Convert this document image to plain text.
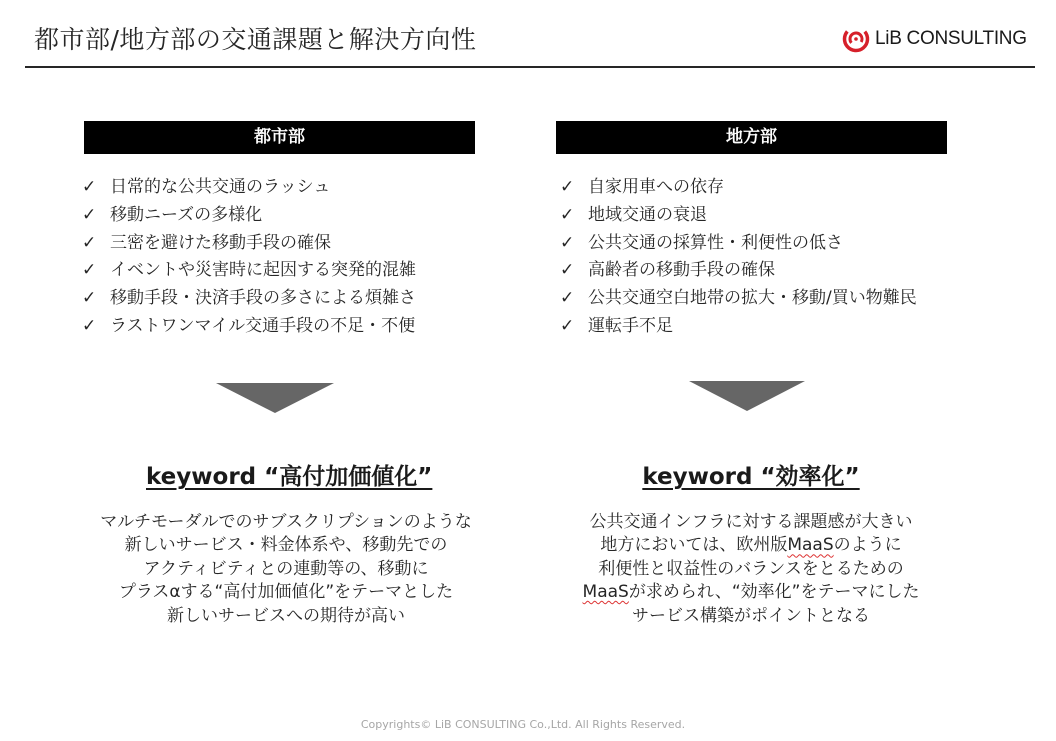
都市部/地方部の交通課題と解決方向性	LiB CONSULTING
都市部
✓ 日常的な公共交通のラッシュ
✓ 移動ニーズの多様化
✓ 三密を避けた移動手段の確保
✓ イベントや災害時に起因する突発的混雑
✓ 移動手段・決済手段の多さによる煩雑さ
✓ ラストワンマイル交通手段の不足・不便
keyword “高付加価値化”
マルチモーダルでのサブスクリプションのような
新しいサービス・料金体系や、移動先での
アクティビティとの連動等の、移動に
プラスαする“高付加価値化”をテーマとした
新しいサービスへの期待が高い
地方部
✓ 自家用車への依存
✓ 地域交通の衰退
✓ 公共交通の採算性・利便性の低さ
✓ 高齢者の移動手段の確保
✓ 公共交通空白地帯の拡大・移動/買い物難民
✓ 運転手不足
keyword “効率化”
公共交通インフラに対する課題感が大きい
地方においては、欧州版MaaSのように
利便性と収益性のバランスをとるための
MaaSが求められ、“効率化”をテーマにした
サービス構築がポイントとなる
Copyrights© LiB CONSULTING Co.,Ltd. All Rights Reserved.
